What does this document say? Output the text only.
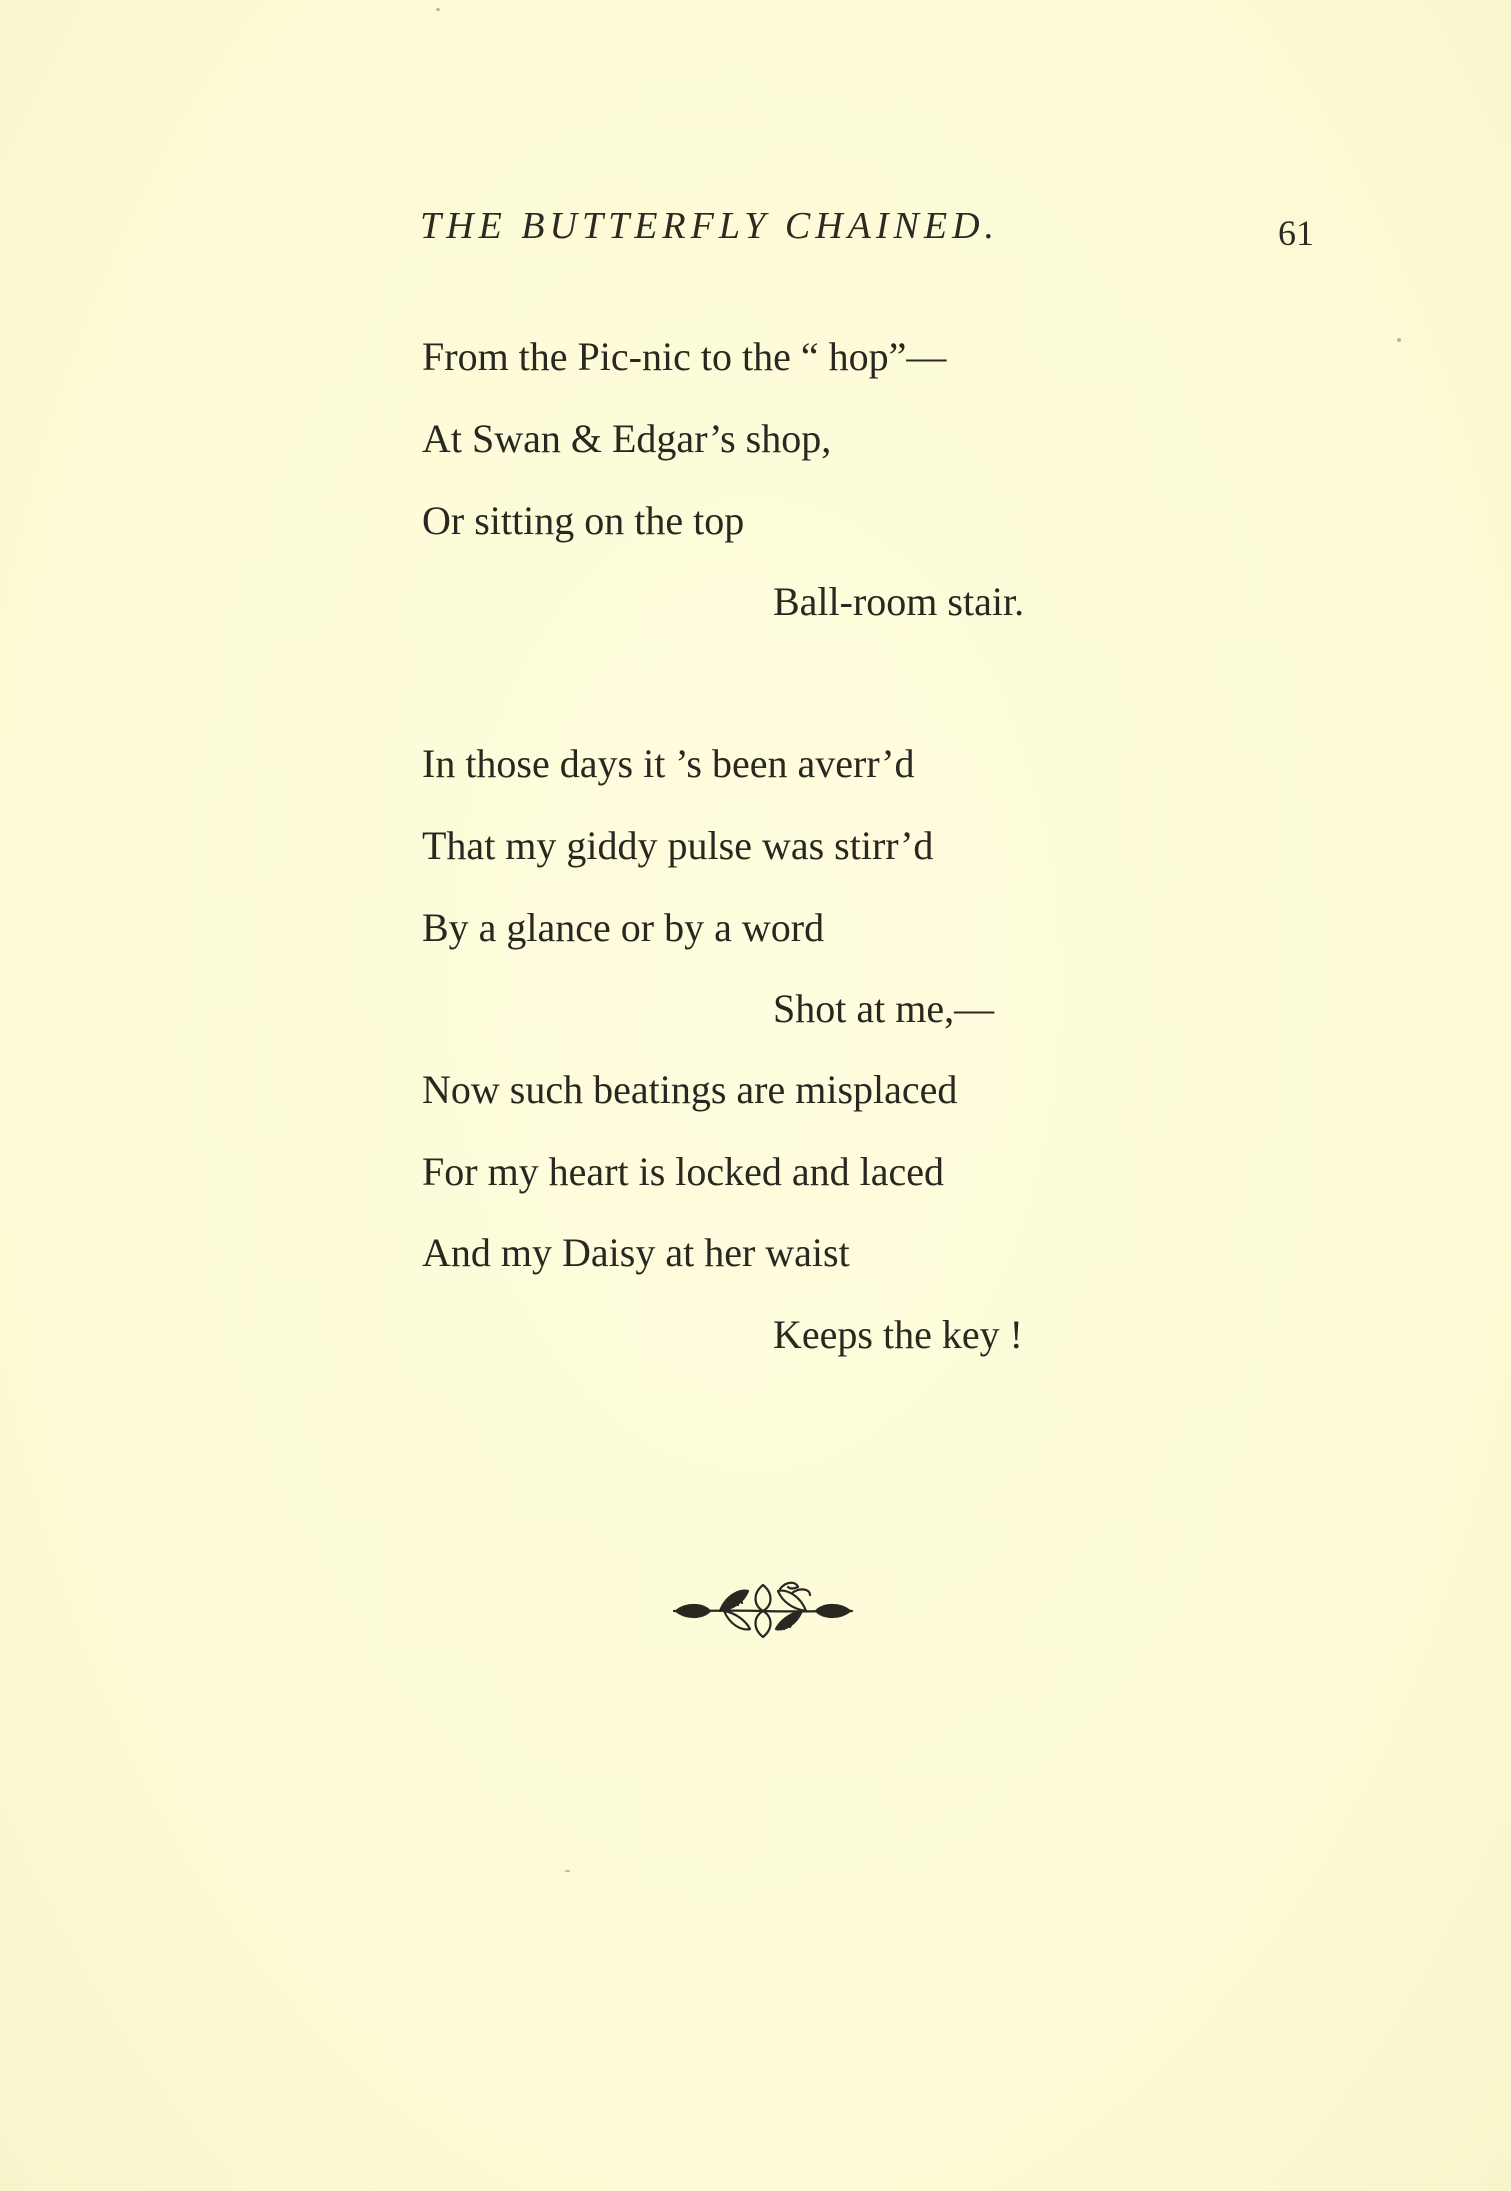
THE BUTTERFLY CHAINED.	61
From the Pic-nic to the “ hop”—
At Swan & Edgar’s shop,
Or sitting on the top
Ball-room stair.
In those days it ’s been averr’d
That my giddy pulse was stirr’d
By a glance or by a word
Shot at me,—
Now such beatings are misplaced
For my heart is locked and laced
And my Daisy at her waist
Keeps the key !
